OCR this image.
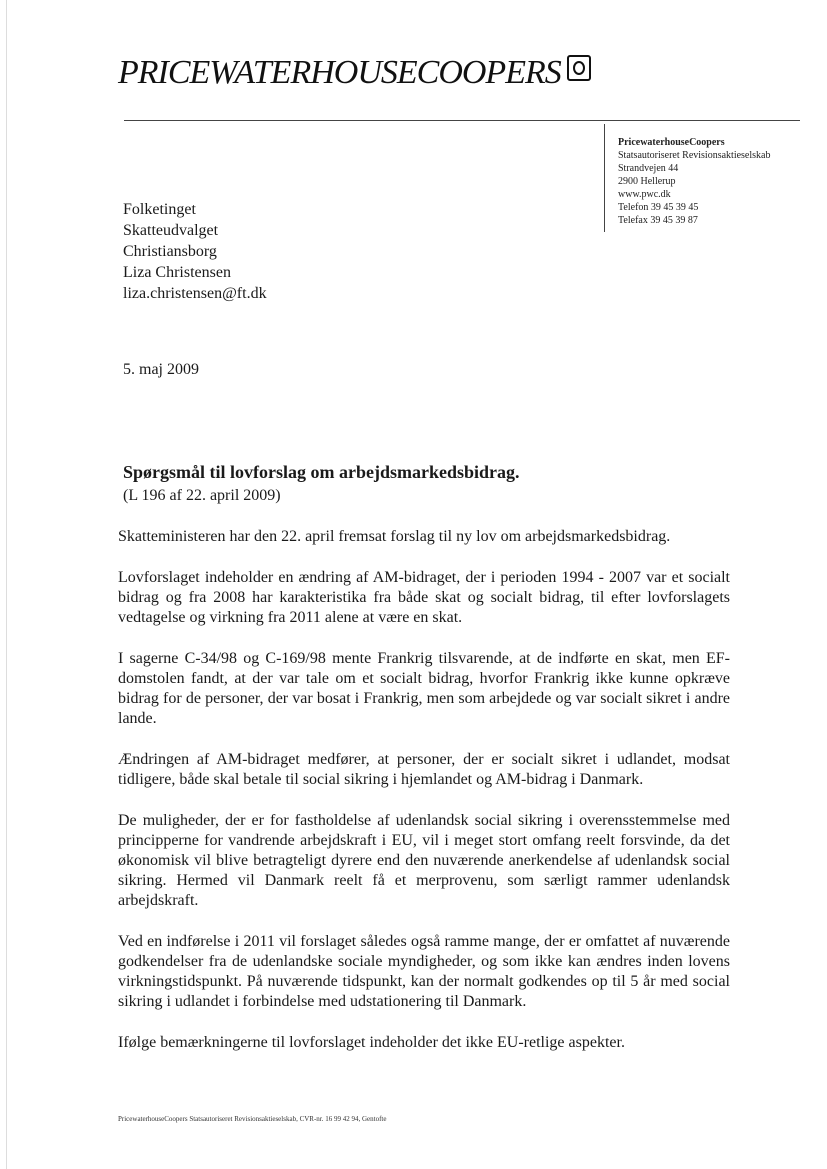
PRICEWATERHOUSECOOPERS
PricewaterhouseCoopers
Statsautoriseret Revisionsaktieselskab
Strandvejen 44
2900 Hellerup
www.pwc.dk
Telefon 39 45 39 45
Telefax 39 45 39 87
Folketinget
Skatteudvalget
Christiansborg
Liza Christensen
liza.christensen@ft.dk
5. maj 2009
Spørgsmål til lovforslag om arbejdsmarkedsbidrag.
(L 196 af 22. april 2009)

Skatteministeren har den 22. april fremsat forslag til ny lov om arbejdsmarkedsbidrag.

Lovforslaget indeholder en ændring af AM-bidraget, der i perioden 1994 - 2007 var et socialt bidrag og fra 2008 har karakteristika fra både skat og socialt bidrag, til efter lovforslagets vedtagelse og virkning fra 2011 alene at være en skat.

I sagerne C-34/98 og C-169/98 mente Frankrig tilsvarende, at de indførte en skat, men EF-domstolen fandt, at der var tale om et socialt bidrag, hvorfor Frankrig ikke kunne opkræve bidrag for de personer, der var bosat i Frankrig, men som arbejdede og var socialt sikret i andre lande.

Ændringen af AM-bidraget medfører, at personer, der er socialt sikret i udlandet, modsat tidligere, både skal betale til social sikring i hjemlandet og AM-bidrag i Danmark.

De muligheder, der er for fastholdelse af udenlandsk social sikring i overensstemmelse med principperne for vandrende arbejdskraft i EU, vil i meget stort omfang reelt forsvinde, da det økonomisk vil blive betragteligt dyrere end den nuværende anerkendelse af udenlandsk social sikring. Hermed vil Danmark reelt få et merprovenu, som særligt rammer udenlandsk arbejdskraft.

Ved en indførelse i 2011 vil forslaget således også ramme mange, der er omfattet af nuværende godkendelser fra de udenlandske sociale myndigheder, og som ikke kan ændres inden lovens virkningstidspunkt. På nuværende tidspunkt, kan der normalt godkendes op til 5 år med social sikring i udlandet i forbindelse med udstationering til Danmark.

Ifølge bemærkningerne til lovforslaget indeholder det ikke EU-retlige aspekter.

PricewaterhouseCoopers Statsautoriseret Revisionsaktieselskab, CVR-nr. 16 99 42 94, Gentofte
